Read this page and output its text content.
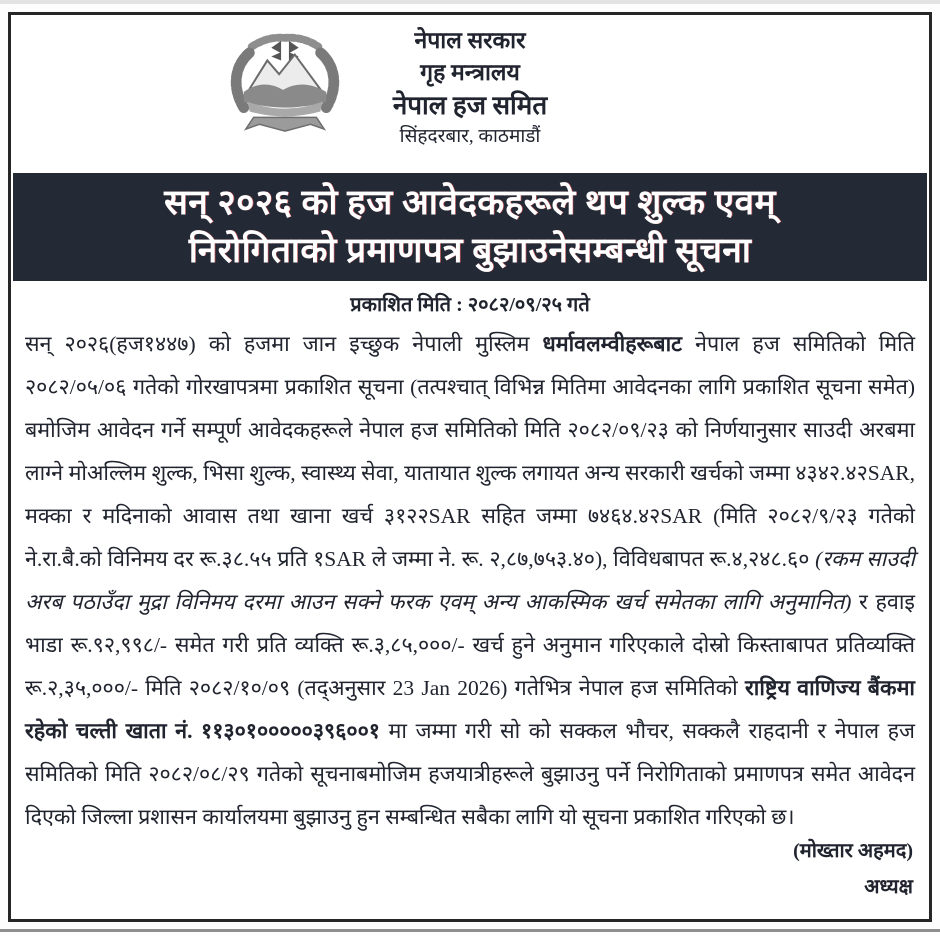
नेपाल सरकार
गृह मन्त्रालय
नेपाल हज समित
सिंहदरबार, काठमाडौं
सन् २०२६ को हज आवेदकहरूले थप शुल्क एवम्
निरोगिताको प्रमाणपत्र बुझाउनेसम्बन्धी सूचना
प्रकाशित मिति : २०८२/०९/२५ गते
सन् २०२६(हज१४४७) को हजमा जान इच्छुक नेपाली मुस्लिम धर्मावलम्वीहरूबाट नेपाल हज समितिको मिति २०८२/०५/०६ गतेको गोरखापत्रमा प्रकाशित सूचना (तत्पश्चात् विभिन्न मितिमा आवेदनका लागि प्रकाशित सूचना समेत) बमोजिम आवेदन गर्ने सम्पूर्ण आवेदकहरूले नेपाल हज समितिको मिति २०८२/०९/२३ को निर्णयानुसार साउदी अरबमा लाग्ने मोअल्लिम शुल्क, भिसा शुल्क, स्वास्थ्य सेवा, यातायात शुल्क लगायत अन्य सरकारी खर्चको जम्मा ४३४२.४२SAR, मक्का र मदिनाको आवास तथा खाना खर्च ३१२२SAR सहित जम्मा ७४६४.४२SAR (मिति २०८२/९/२३ गतेको ने.रा.बै.को विनिमय दर रू.३८.५५ प्रति १SAR ले जम्मा ने. रू. २,८७,७५३.४०), विविधबापत रू.४,२४८.६० (रकम साउदी अरब पठाउँदा मुद्रा विनिमय दरमा आउन सक्ने फरक एवम् अन्य आकस्मिक खर्च समेतका लागि अनुमानित) र हवाइ भाडा रू.९२,९९८/- समेत गरी प्रति व्यक्ति रू.३,८५,०००/- खर्च हुने अनुमान गरिएकाले दोस्रो किस्ताबापत प्रतिव्यक्ति रू.२,३५,०००/- मिति २०८२/१०/०९ (तद्अनुसार 23 Jan 2026) गतेभित्र नेपाल हज समितिको राष्ट्रिय वाणिज्य बैंकमा रहेको चल्ती खाता नं. ११३०१०००००३९६००१ मा जम्मा गरी सो को सक्कल भौचर, सक्कलै राहदानी र नेपाल हज समितिको मिति २०८२/०८/२९ गतेको सूचनाबमोजिम हजयात्रीहरूले बुझाउनु पर्ने निरोगिताको प्रमाणपत्र समेत आवेदन दिएको जिल्ला प्रशासन कार्यालयमा बुझाउनु हुन सम्बन्धित सबैका लागि यो सूचना प्रकाशित गरिएको छ।
(मोख्तार अहमद)
अध्यक्ष
